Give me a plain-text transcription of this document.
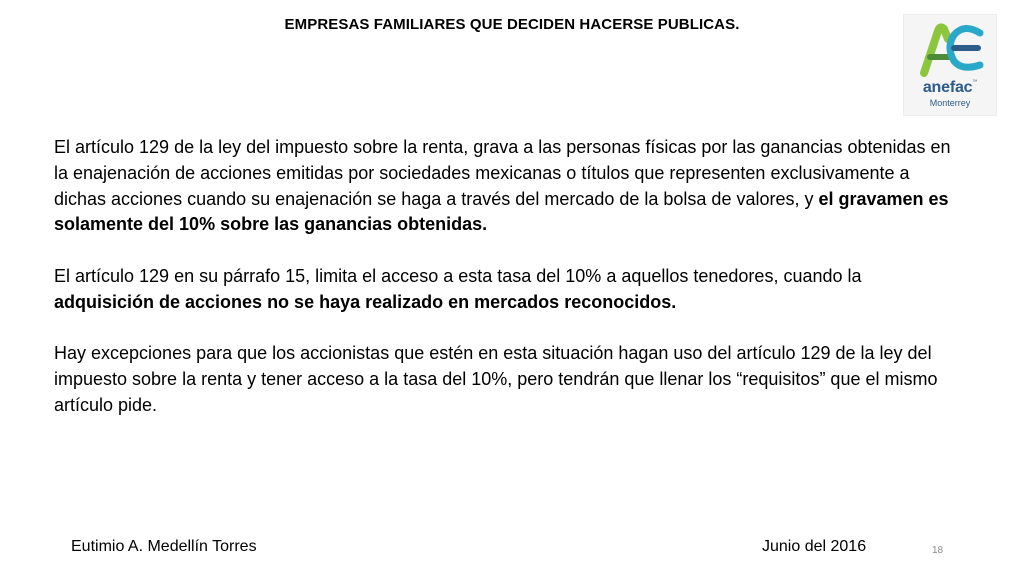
EMPRESAS FAMILIARES QUE DECIDEN HACERSE PUBLICAS.
anefac™
Monterrey

El artículo 129 de la ley del impuesto sobre la renta, grava a las personas físicas por las ganancias obtenidas en la enajenación de acciones emitidas por sociedades mexicanas o títulos que representen exclusivamente a dichas acciones cuando su enajenación se haga a través del mercado de la bolsa de valores, y el gravamen es solamente del 10% sobre las ganancias obtenidas.

El artículo 129 en su párrafo 15, limita el acceso a esta tasa del 10% a aquellos tenedores, cuando la adquisición de acciones no se haya realizado en mercados reconocidos.

Hay excepciones para que los accionistas que estén en esta situación hagan uso del artículo 129 de la ley del impuesto sobre la renta y tener acceso a la tasa del 10%, pero tendrán que llenar los “requisitos” que el mismo artículo pide.

Eutimio A. Medellín Torres	Junio del 2016	18
